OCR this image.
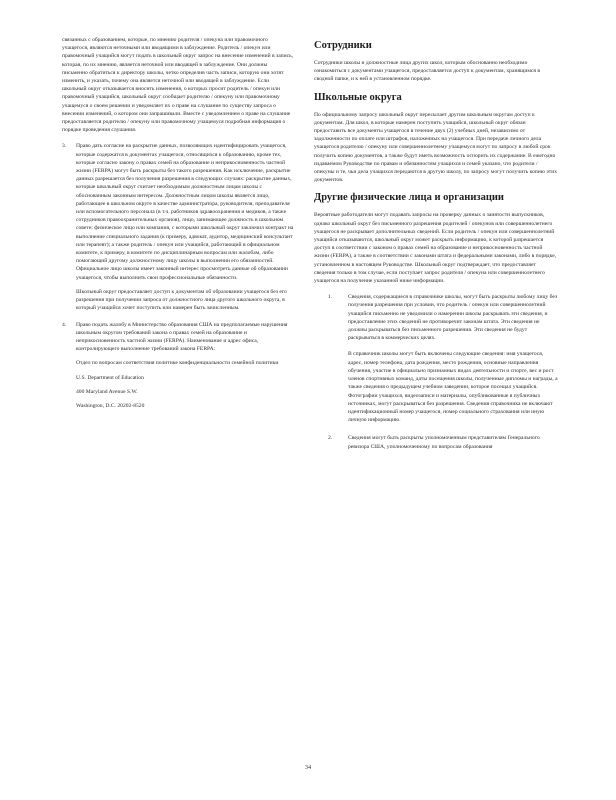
связанных с образованием, которые, по мнению родителя / опекуна или правомочного учащегося, являются неточными или вводящими в заблуждение. Родитель / опекун или правомочный учащийся могут подать в школьный округ запрос на внесение изменений в запись, которая, по их мнению, является неточной или вводящей в заблуждение. Они должны письменно обратиться к директору школы, четко определив часть записи, которую они хотят изменить, и указать, почему она является неточной или вводящей в заблуждение. Если школьный округ отказывается вносить изменения, о которых просит родитель / опекун или правомочный учащийся, школьный округ сообщает родителю / опекуну или правомочному учащемуся о своем решении и уведомляет их о праве на слушание по существу запроса о внесении изменений, о котором они запрашивали. Вместе с уведомлением о праве на слушание предоставляется родителю / опекуну или правомочному учащемуся подробная информация о порядке проведения слушания.

3. Право дать согласие на раскрытие данных, позволяющих идентифицировать учащегося, которые содержатся в документах учащегося, относящихся к образованию, кроме тех, которые согласно закону о правах семей на образование и неприкосновенность частной жизни (FERPA) могут быть раскрыты без такого разрешения. Как исключение, раскрытие данных разрешается без получения разрешения в следующих случаях: раскрытие данных, которые школьный округ считает необходимым должностным лицам школы с обоснованным законным интересом. Должностным лицом школы является лицо, работающее в школьном округе в качестве администратора, руководителя, преподавателя или вспомогательного персонала (в т.ч. работников здравоохранения и медиков, а также сотрудников правоохранительных органов), лицо, занимающее должность в школьном совете; физическое лицо или компания, с которыми школьный округ заключил контракт на выполнение специального задания (к примеру, адвокат, аудитор, медицинский консультант или терапевт); а также родитель / опекун или учащийся, работающий в официальном комитете, к примеру, в комитете по дисциплинарным вопросам или жалобам, либо помогающий другому должностному лицу школы в выполнении его обязанностей. Официальное лицо школы имеет законный интерес просмотреть данные об образовании учащегося, чтобы выполнить свои профессиональные обязанности.

Школьный округ предоставляет доступ к документам об образовании учащегося без его разрешения при получении запроса от должностного лица другого школьного округа, в который учащийся хочет поступить или намерен быть зачисленным.

4. Право подать жалобу в Министерство образования США на предполагаемые нарушения школьным округом требований закона о правах семей на образование и неприкосновенность частной жизни (FERPA). Наименование и адрес офиса, контролирующего выполнение требований закона FERPA:

Отдел по вопросам соответствия политике конфиденциальности семейной политики

U.S. Department of Education

400 Maryland Avenue S.W.

Washington, D.C. 20202-8520

Сотрудники

Сотрудники школы и должностные лица других школ, которым обоснованно необходимо ознакомиться с документами учащегося, предоставляется доступ к документам, хранящимся в сводной папке, и к ней в установленном порядке.

Школьные округа

По официальному запросу школьный округ пересылает другим школьным округам доступ к документам. Для школ, в которые намерен поступить учащийся, школьный округ обязан предоставить все документы учащегося в течение двух (2) учебных дней, независимо от задолженности по оплате или штрафов, наложенных на учащегося. При передаче личного дела учащегося родителю / опекуну или совершеннолетнему учащемуся могут по запросу в любой срок получить копию документов, а также будут иметь возможность оспорить их содержание. В ежегодно издаваемом Руководстве по правам и обязанностям учащихся и семей указано, что родители / опекуны и те, чьи дела учащихся передаются в другую школу, по запросу могут получить копию этих документов.

Другие физические лица и организации

Вероятные работодатели могут подавать запросы на проверку данных о занятости выпускников, однако школьный округ без письменного разрешения родителей / опекунов или совершеннолетнего учащегося не раскрывает дополнительных сведений. Если родитель / опекун или совершеннолетний учащийся отказываются, школьный округ может раскрыть информацию, к которой разрешается доступ в соответствии с законом о правах семей на образование и неприкосновенность частной жизни (FERPA), а также в соответствии с законами штата и федеральными законами, либо в порядке, установленном в настоящем Руководстве. Школьный округ подтверждает, что предоставляет сведения только в том случае, если поступает запрос родителя / опекуна или совершеннолетнего учащегося на получение указанной ниже информации.

1.	Сведения, содержащиеся в справочнике школы, могут быть раскрыты любому лицу без получения разрешения при условии, что родитель / опекун или совершеннолетний учащийся письменно не уведомили о намерении школы раскрывать эти сведения, и предоставление этих сведений не противоречит законам штата. Эти сведения не должны раскрываться без письменного разрешения. Эти сведения не будут раскрываться в коммерческих целях.

В справочник школы могут быть включены следующие сведения: имя учащегося, адрес, номер телефона, дата рождения, место рождения, основные направления обучения, участие в официально признанных видах деятельности и спорте, вес и рост членов спортивных команд, даты посещения школы, полученные дипломы и награды, а также сведения о предыдущем учебном заведении, которое посещал учащийся. Фотографии учащихся, видеозаписи и материалы, опубликованные в публичных источниках, могут раскрываться без разрешения. Сведения справочника не включают идентификационный номер учащегося, номер социального страхования или иную личную информацию.

2.	Сведения могут быть раскрыты уполномоченным представителям Генерального ревизора США, уполномоченному по вопросам образования

34
